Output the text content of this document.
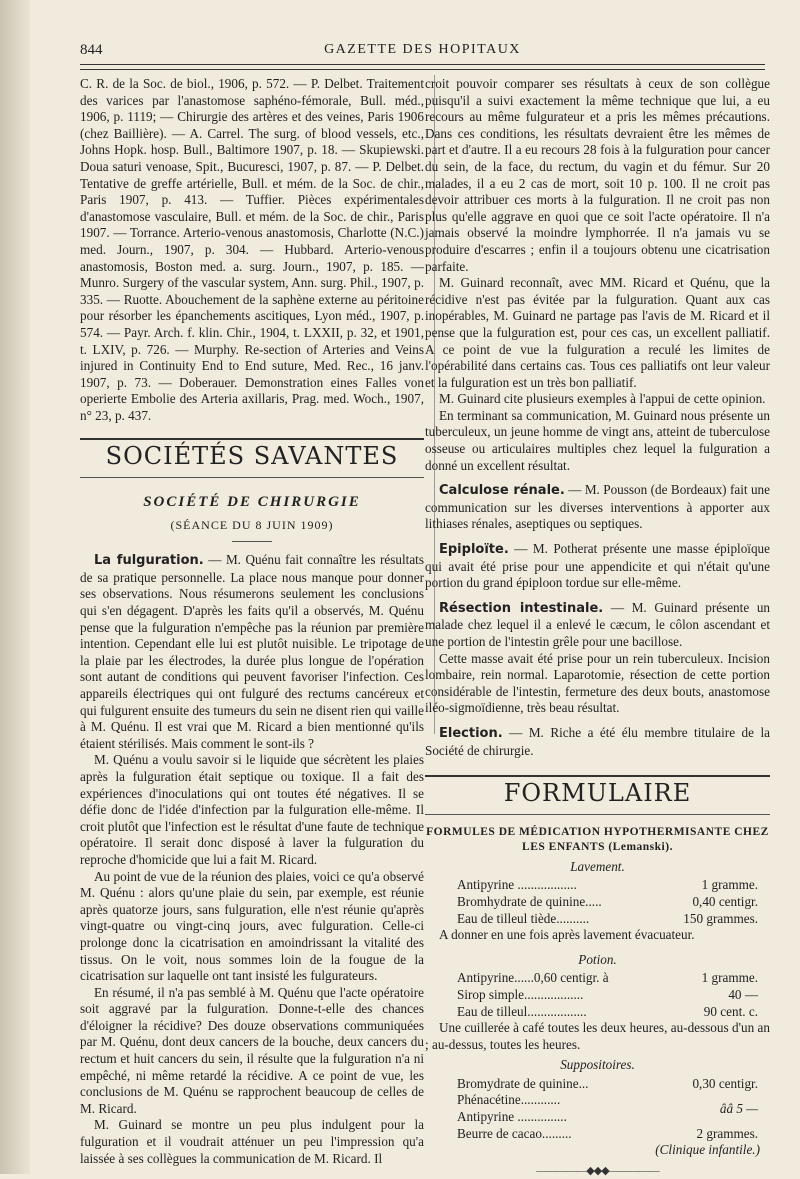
844	GAZETTE DES HOPITAUX

C. R. de la Soc. de biol., 1906, p. 572. — P. Delbet. Traitement des varices par l'anastomose saphéno-fémorale, Bull. méd., 1906, p. 1119; — Chirurgie des artères et des veines, Paris 1906 (chez Baillière). — A. Carrel. The surg. of blood vessels, etc., Johns Hopk. hosp. Bull., Baltimore 1907, p. 18. — Skupiewski. Doua saturi venoase, Spit., Bucuresci, 1907, p. 87. — P. Delbet. Tentative de greffe artérielle, Bull. et mém. de la Soc. de chir., Paris 1907, p. 413. — Tuffier. Pièces expérimentales d'anastomose vasculaire, Bull. et mém. de la Soc. de chir., Paris 1907. — Torrance. Arterio-venous anastomosis, Charlotte (N.C.) med. Journ., 1907, p. 304. — Hubbard. Arterio-venous anastomosis, Boston med. a. surg. Journ., 1907, p. 185. — Munro. Surgery of the vascular system, Ann. surg. Phil., 1907, p. 335. — Ruotte. Abouchement de la saphène externe au péritoine pour résorber les épanchements ascitiques, Lyon méd., 1907, p. 574. — Payr. Arch. f. klin. Chir., 1904, t. LXXII, p. 32, et 1901, t. LXIV, p. 726. — Murphy. Re-section of Arteries and Veins injured in Continuity End to End suture, Med. Rec., 16 janv. 1907, p. 73. — Doberauer. Demonstration eines Falles von operierte Embolie des Arteria axillaris, Prag. med. Woch., 1907, n° 23, p. 437.

SOCIÉTÉS SAVANTES
SOCIÉTÉ DE CHIRURGIE
(SÉANCE DU 8 JUIN 1909)

La fulguration. — M. Quénu fait connaître les résultats de sa pratique personnelle. La place nous manque pour donner ses observations. Nous résumerons seulement les conclusions qui s'en dégagent. D'après les faits qu'il a observés, M. Quénu pense que la fulguration n'empêche pas la réunion par première intention. Cependant elle lui est plutôt nuisible. Le tripotage de la plaie par les électrodes, la durée plus longue de l'opération sont autant de conditions qui peuvent favoriser l'infection. Ces appareils électriques qui ont fulguré des rectums cancéreux et qui fulgurent ensuite des tumeurs du sein ne disent rien qui vaille à M. Quénu. Il est vrai que M. Ricard a bien mentionné qu'ils étaient stérilisés. Mais comment le sont-ils ?

M. Quénu a voulu savoir si le liquide que sécrètent les plaies après la fulguration était septique ou toxique. Il a fait des expériences d'inoculations qui ont toutes été négatives. Il se défie donc de l'idée d'infection par la fulguration elle-même. Il croit plutôt que l'infection est le résultat d'une faute de technique opératoire. Il serait donc disposé à laver la fulguration du reproche d'homicide que lui a fait M. Ricard.

Au point de vue de la réunion des plaies, voici ce qu'a observé M. Quénu : alors qu'une plaie du sein, par exemple, est réunie après quatorze jours, sans fulguration, elle n'est réunie qu'après vingt-quatre ou vingt-cinq jours, avec fulguration. Celle-ci prolonge donc la cicatrisation en amoindrissant la vitalité des tissus. On le voit, nous sommes loin de la fougue de la cicatrisation sur laquelle ont tant insisté les fulgurateurs.

En résumé, il n'a pas semblé à M. Quénu que l'acte opératoire soit aggravé par la fulguration. Donne-t-elle des chances d'éloigner la récidive? Des douze observations communiquées par M. Quénu, dont deux cancers de la bouche, deux cancers du rectum et huit cancers du sein, il résulte que la fulguration n'a ni empêché, ni même retardé la récidive. A ce point de vue, les conclusions de M. Quénu se rapprochent beaucoup de celles de M. Ricard.

M. Guinard se montre un peu plus indulgent pour la fulguration et il voudrait atténuer un peu l'impression qu'a laissée à ses collègues la communication de M. Ricard. Il

croit pouvoir comparer ses résultats à ceux de son collègue puisqu'il a suivi exactement la même technique que lui, a eu recours au même fulgurateur et a pris les mêmes précautions. Dans ces conditions, les résultats devraient être les mêmes de part et d'autre. Il a eu recours 28 fois à la fulguration pour cancer du sein, de la face, du rectum, du vagin et du fémur. Sur 20 malades, il a eu 2 cas de mort, soit 10 p. 100. Il ne croit pas devoir attribuer ces morts à la fulguration. Il ne croit pas non plus qu'elle aggrave en quoi que ce soit l'acte opératoire. Il n'a jamais observé la moindre lymphorrée. Il n'a jamais vu se produire d'escarres ; enfin il a toujours obtenu une cicatrisation parfaite.

M. Guinard reconnaît, avec MM. Ricard et Quénu, que la récidive n'est pas évitée par la fulguration. Quant aux cas inopérables, M. Guinard ne partage pas l'avis de M. Ricard et il pense que la fulguration est, pour ces cas, un excellent palliatif. A ce point de vue la fulguration a reculé les limites de l'opérabilité dans certains cas. Tous ces palliatifs ont leur valeur et la fulguration est un très bon palliatif.

M. Guinard cite plusieurs exemples à l'appui de cette opinion.

En terminant sa communication, M. Guinard nous présente un tuberculeux, un jeune homme de vingt ans, atteint de tuberculose osseuse ou articulaires multiples chez lequel la fulguration a donné un excellent résultat.

Calculose rénale. — M. Pousson (de Bordeaux) fait une communication sur les diverses interventions à apporter aux lithiases rénales, aseptiques ou septiques.

Epiploïte. — M. Potherat présente une masse épiploïque qui avait été prise pour une appendicite et qui n'était qu'une portion du grand épiploon tordue sur elle-même.

Résection intestinale. — M. Guinard présente un malade chez lequel il a enlevé le cæcum, le côlon ascendant et une portion de l'intestin grêle pour une bacillose.

Cette masse avait été prise pour un rein tuberculeux. Incision lombaire, rein normal. Laparotomie, résection de cette portion considérable de l'intestin, fermeture des deux bouts, anastomose iléo-sigmoïdienne, très beau résultat.

Election. — M. Riche a été élu membre titulaire de la Société de chirurgie.

FORMULAIRE
FORMULES DE MÉDICATION HYPOTHERMISANTE CHEZ LES ENFANTS (Lemanski).
Lavement.
Antipyrine ..................	1 gramme.
Bromhydrate de quinine.....	0,40 centigr.
Eau de tilleul tiède..........	150 grammes.

A donner en une fois après lavement évacuateur.

Potion.
Antipyrine......0,60 centigr. à	1 gramme.
Sirop simple..................	40 —
Eau de tilleul..................	90 cent. c.

Une cuillerée à café toutes les deux heures, au-dessous d'un an ; au-dessus, toutes les heures.

Suppositoires.
Bromydrate de quinine...	0,30 centigr.
Phénacétine............
Antipyrine ...............
ââ 5 —
Beurre de cacao.........	2 grammes.
(Clinique infantile.)
—————◆◆◆—————
